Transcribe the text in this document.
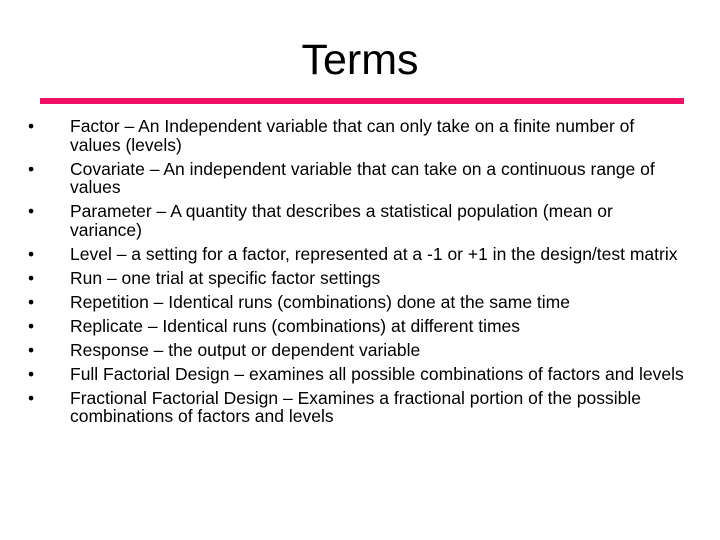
Terms
•	Factor – An Independent variable that can only take on a finite number of values (levels)
•	Covariate – An independent variable that can take on a continuous range of values
•	Parameter – A quantity that describes a statistical population (mean or variance)
•	Level – a setting for a factor, represented at a -1 or +1 in the design/test matrix
•	Run – one trial at specific factor settings
•	Repetition – Identical runs (combinations) done at the same time
•	Replicate – Identical runs (combinations) at different times
•	Response – the output or dependent variable
•	Full Factorial Design – examines all possible combinations of factors and levels
•	Fractional Factorial Design – Examines a fractional portion of the possible combinations of factors and levels
